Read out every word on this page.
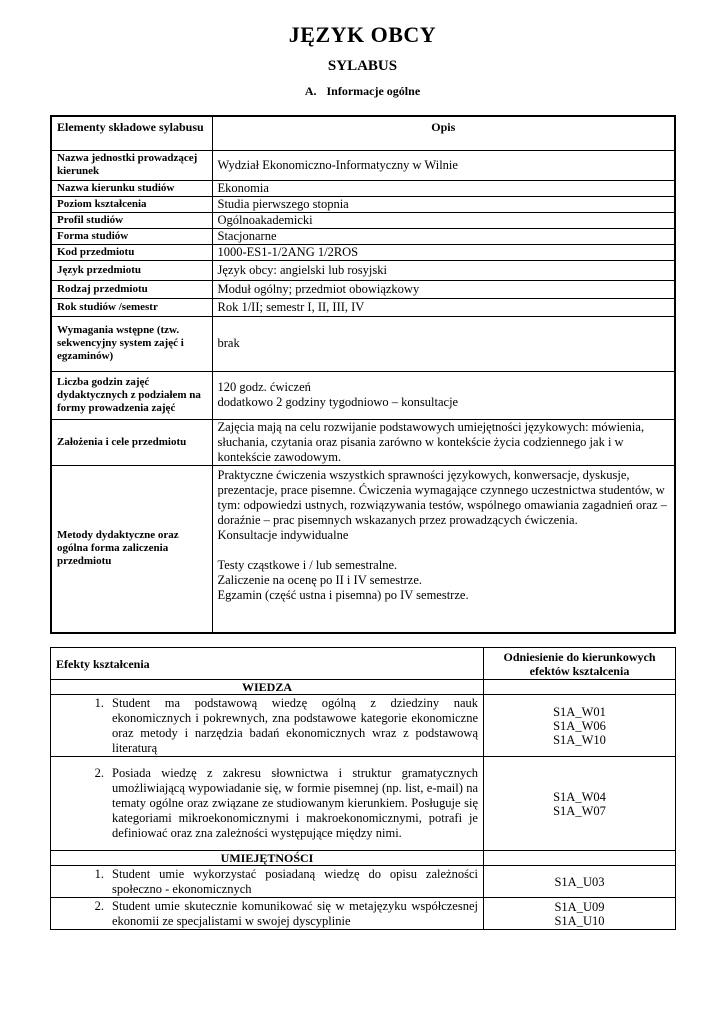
JĘZYK OBCY
SYLABUS
A. Informacje ogólne
Elementy składowe sylabusu	Opis
Nazwa jednostki prowadzącej kierunek	Wydział Ekonomiczno-Informatyczny w Wilnie
Nazwa kierunku studiów	Ekonomia
Poziom kształcenia	Studia pierwszego stopnia
Profil studiów	Ogólnoakademicki
Forma studiów	Stacjonarne
Kod przedmiotu	1000-ES1-1/2ANG 1/2ROS
Język przedmiotu	Język obcy: angielski lub rosyjski
Rodzaj przedmiotu	Moduł ogólny; przedmiot obowiązkowy
Rok studiów /semestr	Rok 1/II; semestr I, II, III, IV
Wymagania wstępne (tzw. sekwencyjny system zajęć i egzaminów)	brak
Liczba godzin zajęć dydaktycznych z podziałem na formy prowadzenia zajęć	120 godz. ćwiczeń
dodatkowo 2 godziny tygodniowo – konsultacje

Założenia i cele przedmiotu	Zajęcia mają na celu rozwijanie podstawowych umiejętności językowych: mówienia, słuchania, czytania oraz pisania zarówno w kontekście życia codziennego jak i w kontekście zawodowym.
Metody dydaktyczne oraz ogólna forma zaliczenia przedmiotu	Praktyczne ćwiczenia wszystkich sprawności językowych, konwersacje, dyskusje, prezentacje, prace pisemne. Ćwiczenia wymagające czynnego uczestnictwa studentów, w tym: odpowiedzi ustnych, rozwiązywania testów, wspólnego omawiania zagadnień oraz – doraźnie – prac pisemnych wskazanych przez prowadzących ćwiczenia.
Konsultacje indywidualne
Testy cząstkowe i / lub semestralne.
Zaliczenie na ocenę po II i IV semestrze.
Egzamin (część ustna i pisemna) po IV semestrze.
Efekty kształcenia	Odniesienie do kierunkowych efektów kształcenia
WIEDZA	

1. Student ma podstawową wiedzę ogólną z dziedziny nauk ekonomicznych i pokrewnych, zna podstawowe kategorie ekonomiczne oraz metody i narzędzia badań ekonomicznych wraz z podstawową literaturą	S1A_W01
S1A_W06
S1A_W10

2. Posiada wiedzę z zakresu słownictwa i struktur gramatycznych umożliwiającą wypowiadanie się, w formie pisemnej (np. list, e-mail) na tematy ogólne oraz związane ze studiowanym kierunkiem. Posługuje się kategoriami mikroekonomicznymi i makroekonomicznymi, potrafi je definiować oraz zna zależności występujące między nimi.	S1A_W04
S1A_W07

UMIEJĘTNOŚCI	

1. Student umie wykorzystać posiadaną wiedzę do opisu zależności społeczno - ekonomicznych	S1A_U03

2. Student umie skutecznie komunikować się w metajęzyku współczesnej ekonomii ze specjalistami w swojej dyscyplinie	S1A_U09
S1A_U10
